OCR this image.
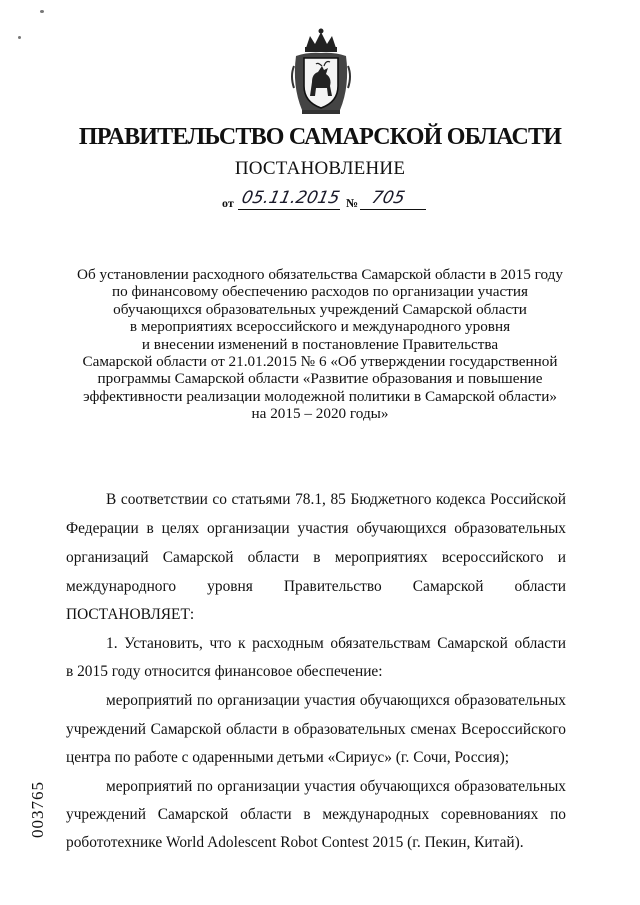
ПРАВИТЕЛЬСТВО САМАРСКОЙ ОБЛАСТИ
ПОСТАНОВЛЕНИЕ
от 05.11.2015 № 705
Об установлении расходного обязательства Самарской области в 2015 году
по финансовому обеспечению расходов по организации участия
обучающихся образовательных учреждений Самарской области
в мероприятиях всероссийского и международного уровня
и внесении изменений в постановление Правительства
Самарской области от 21.01.2015 № 6 «Об утверждении государственной
программы Самарской области «Развитие образования и повышение
эффективности реализации молодежной политики в Самарской области»
на 2015 – 2020 годы»
В соответствии со статьями 78.1, 85 Бюджетного кодекса Российской
Федерации в целях организации участия обучающихся образовательных
организаций Самарской области в мероприятиях всероссийского и
международного уровня Правительство Самарской области
ПОСТАНОВЛЯЕТ:
1. Установить, что к расходным обязательствам Самарской области
в 2015 году относится финансовое обеспечение:
мероприятий по организации участия обучающихся образовательных
учреждений Самарской области в образовательных сменах Всероссийского
центра по работе с одаренными детьми «Сириус» (г. Сочи, Россия);
мероприятий по организации участия обучающихся образовательных
учреждений Самарской области в международных соревнованиях по
робототехнике World Adolescent Robot Contest 2015 (г. Пекин, Китай).
003765
